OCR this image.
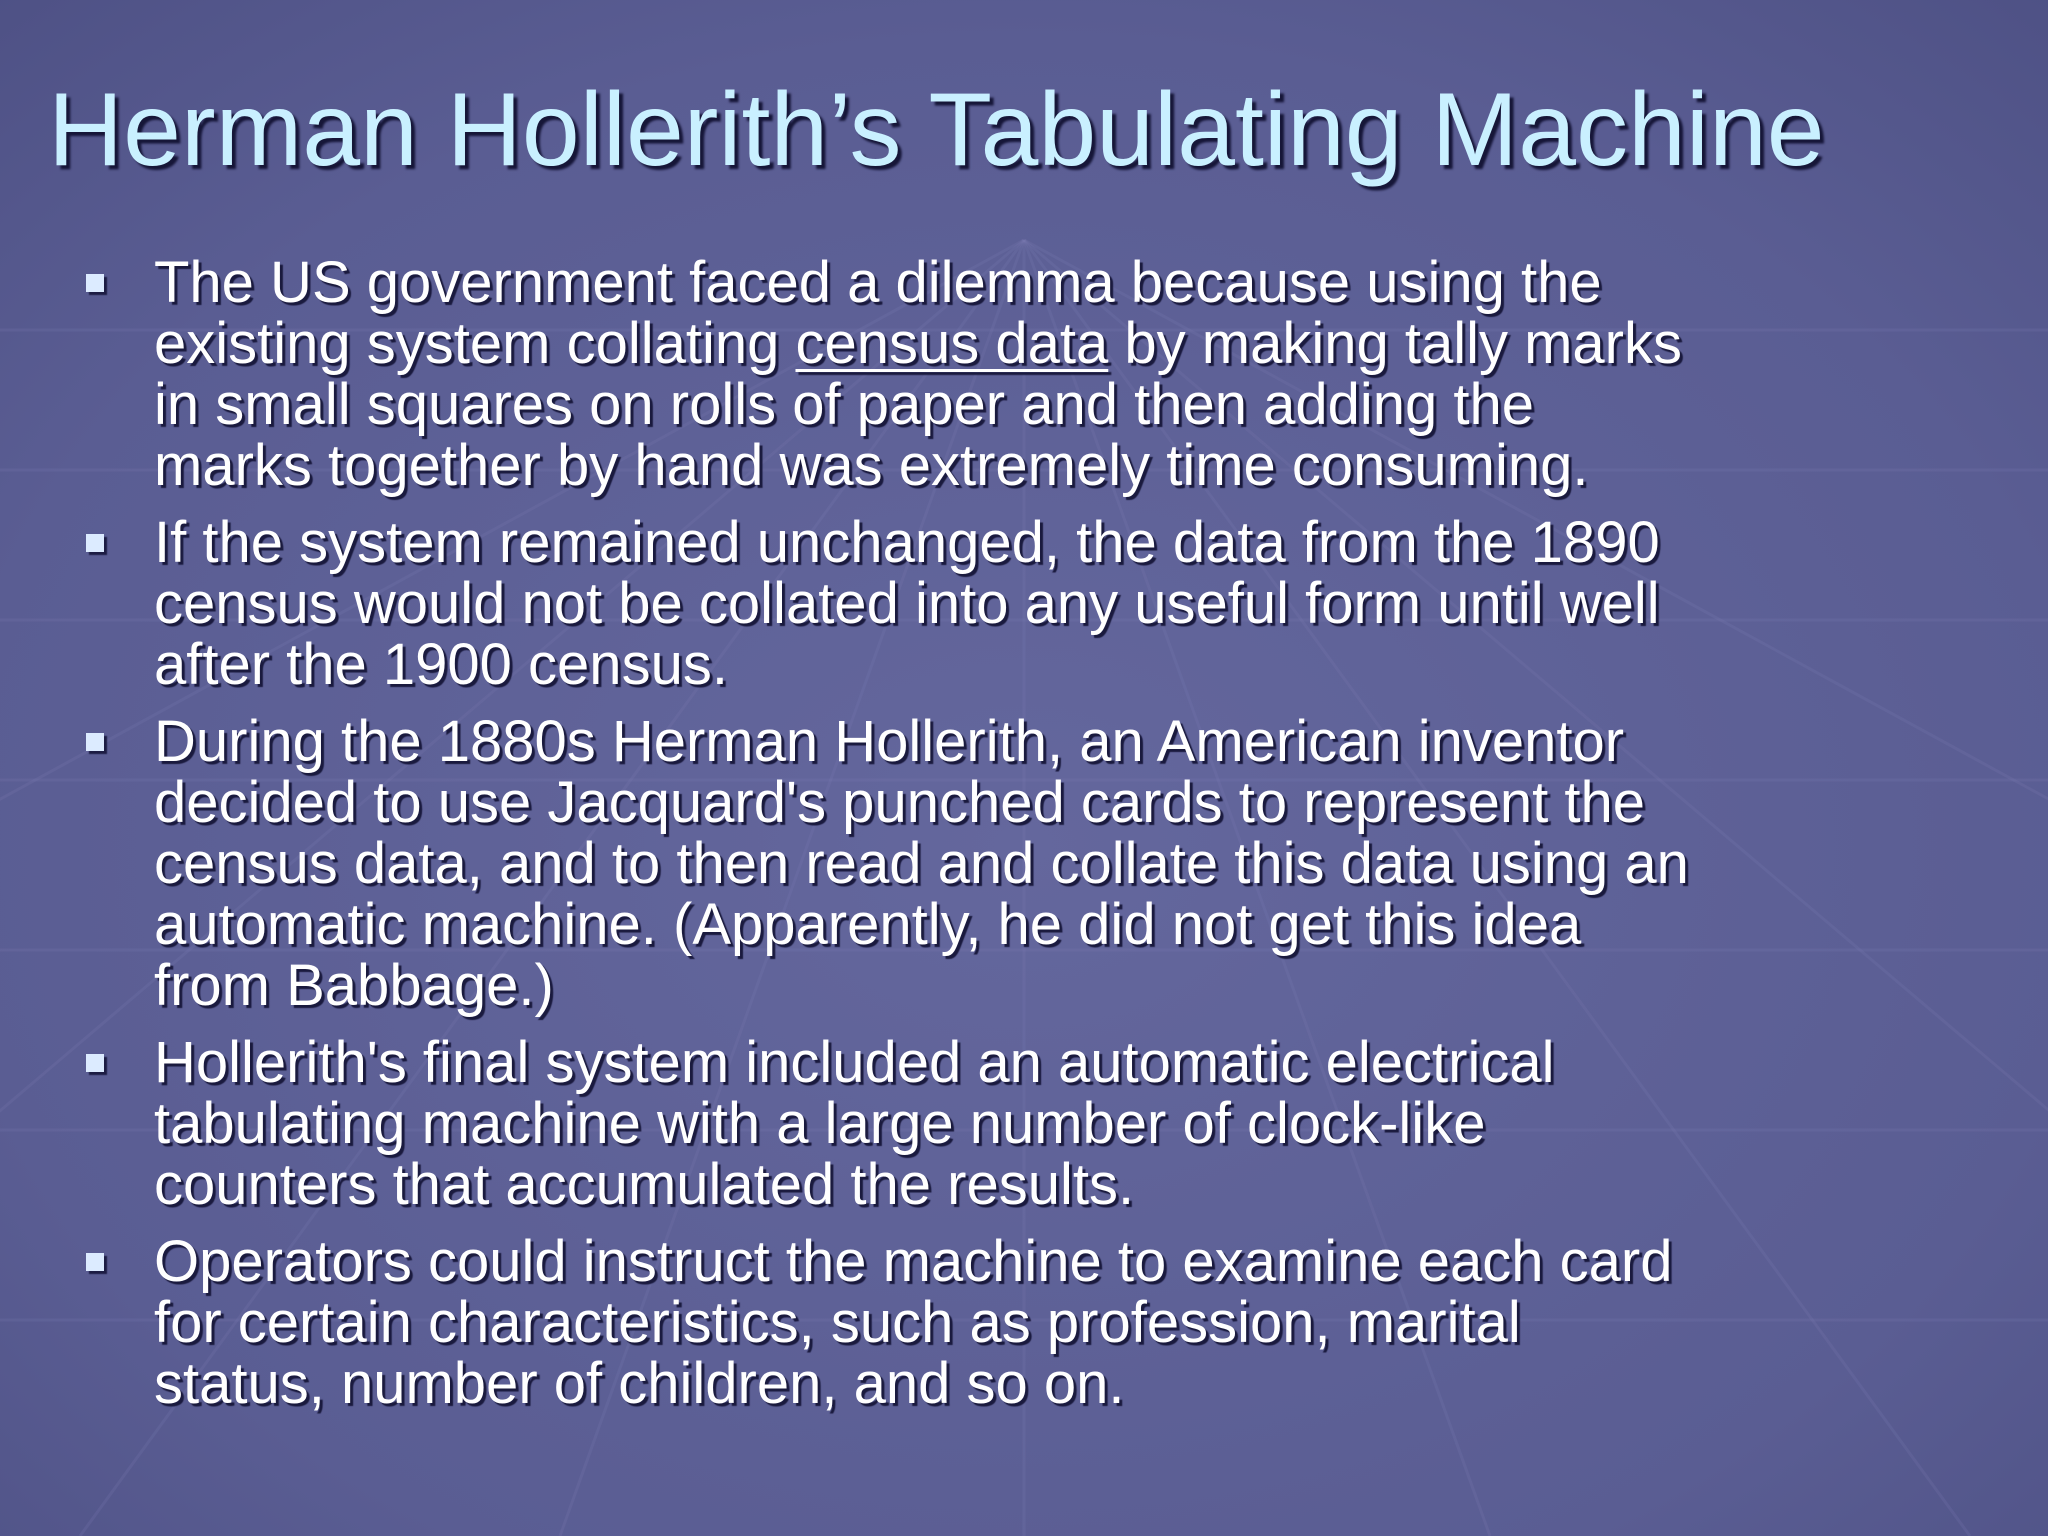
Herman Hollerith’s Tabulating Machine
The US government faced a dilemma because using the
existing system collating census data by making tally marks
in small squares on rolls of paper and then adding the
marks together by hand was extremely time consuming.
If the system remained unchanged, the data from the 1890
census would not be collated into any useful form until well
after the 1900 census.
During the 1880s Herman Hollerith, an American inventor
decided to use Jacquard's punched cards to represent the
census data, and to then read and collate this data using an
automatic machine. (Apparently, he did not get this idea
from Babbage.)
Hollerith's final system included an automatic electrical
tabulating machine with a large number of clock-like
counters that accumulated the results.
Operators could instruct the machine to examine each card
for certain characteristics, such as profession, marital
status, number of children, and so on.
